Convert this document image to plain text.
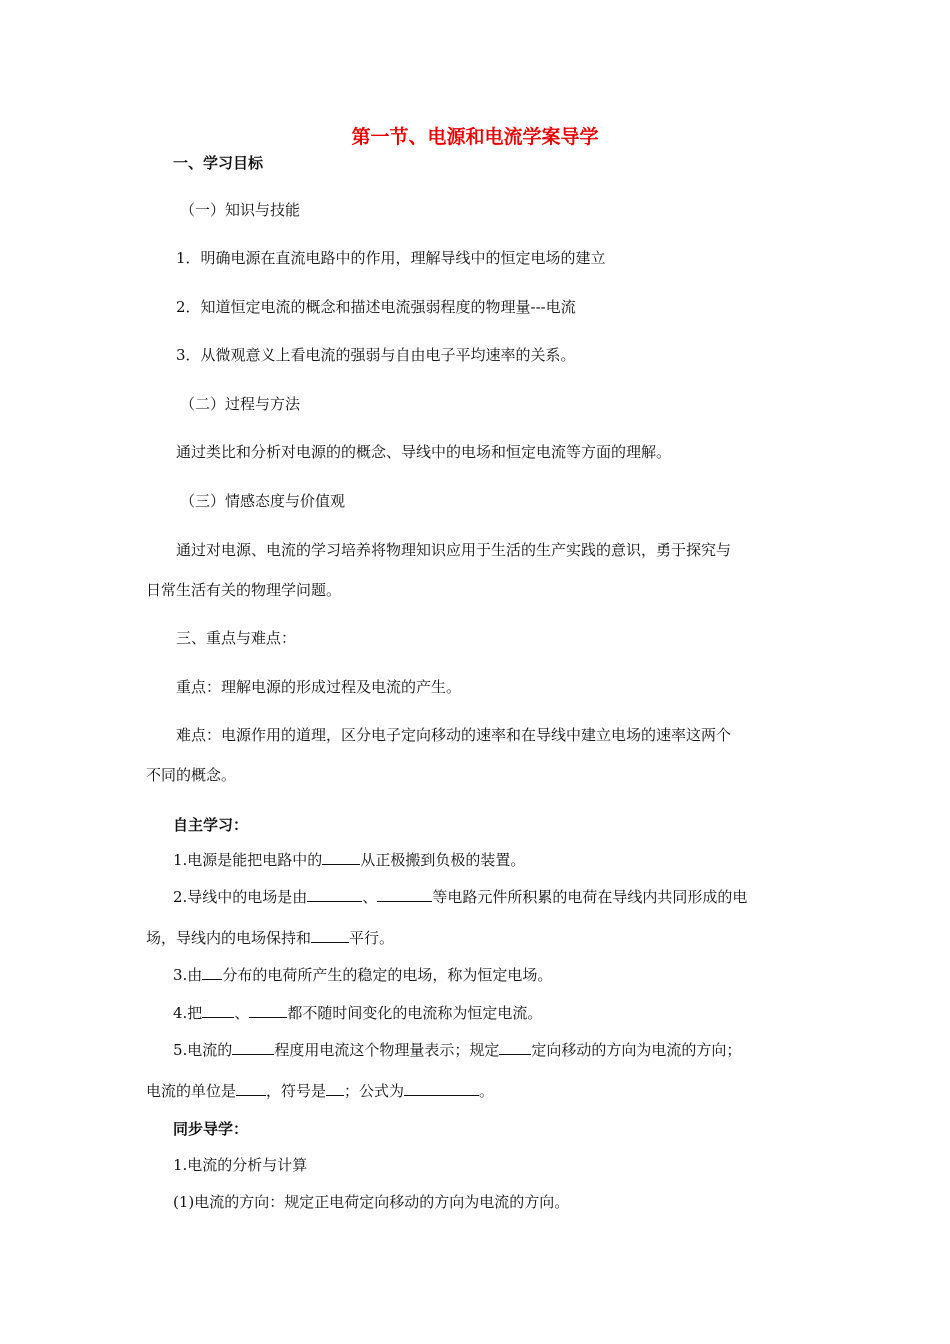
第一节、电源和电流学案导学
一、学习目标
（一）知识与技能
1．明确电源在直流电路中的作用，理解导线中的恒定电场的建立
2．知道恒定电流的概念和描述电流强弱程度的物理量---电流
3．从微观意义上看电流的强弱与自由电子平均速率的关系。
（二）过程与方法
通过类比和分析对电源的的概念、导线中的电场和恒定电流等方面的理解。
（三）情感态度与价值观
通过对电源、电流的学习培养将物理知识应用于生活的生产实践的意识，勇于探究与
日常生活有关的物理学问题。
三、重点与难点：
重点：理解电源的形成过程及电流的产生。
难点：电源作用的道理，区分电子定向移动的速率和在导线中建立电场的速率这两个
不同的概念。
自主学习：
1.电源是能把电路中的	从正极搬到负极的装置。
2.导线中的电场是由	、	等电路元件所积累的电荷在导线内共同形成的电
场，导线内的电场保持和	平行。
3.由 分布的电荷所产生的稳定的电场，称为恒定电场。
4.把 、	都不随时间变化的电流称为恒定电流。
5.电流的	程度用电流这个物理量表示；规定 定向移动的方向为电流的方向；
电流的单位是 ，符号是 ；公式为	。
同步导学：
1.电流的分析与计算
(1)电流的方向：规定正电荷定向移动的方向为电流的方向。
